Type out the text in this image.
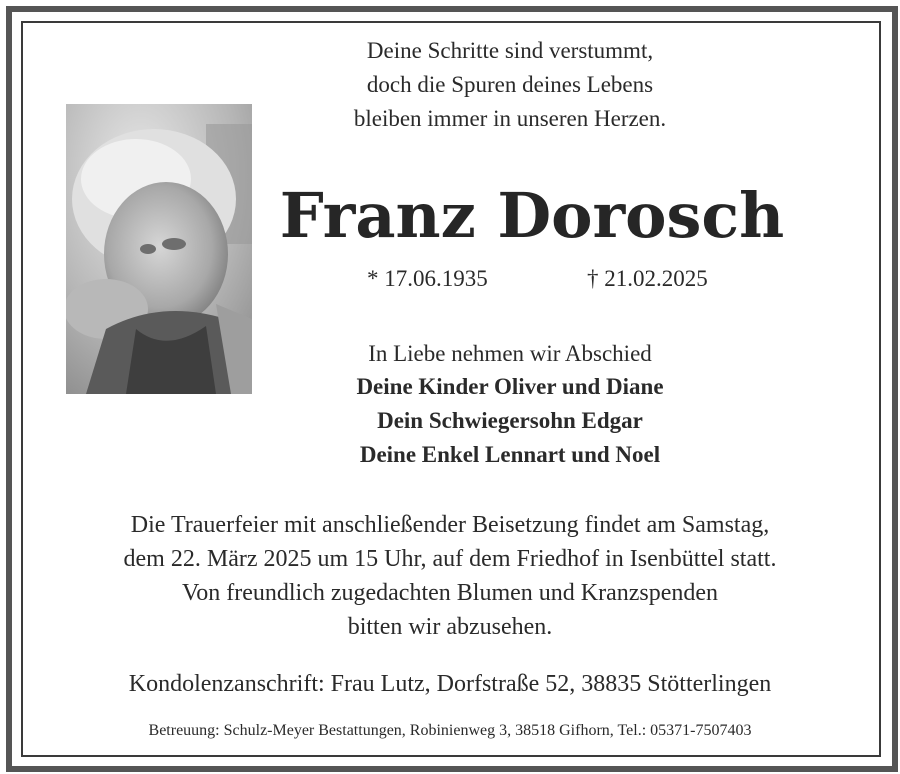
Deine Schritte sind verstummt,
doch die Spuren deines Lebens
bleiben immer in unseren Herzen.
Franz Dorosch
* 17.06.1935	† 21.02.2025
In Liebe nehmen wir Abschied
Deine Kinder Oliver und Diane
Dein Schwiegersohn Edgar
Deine Enkel Lennart und Noel
Die Trauerfeier mit anschließender Beisetzung findet am Samstag,
dem 22. März 2025 um 15 Uhr, auf dem Friedhof in Isenbüttel statt.
Von freundlich zugedachten Blumen und Kranzspenden
bitten wir abzusehen.
Kondolenzanschrift: Frau Lutz, Dorfstraße 52, 38835 Stötterlingen
Betreuung: Schulz-Meyer Bestattungen, Robinienweg 3, 38518 Gifhorn, Tel.: 05371-7507403
